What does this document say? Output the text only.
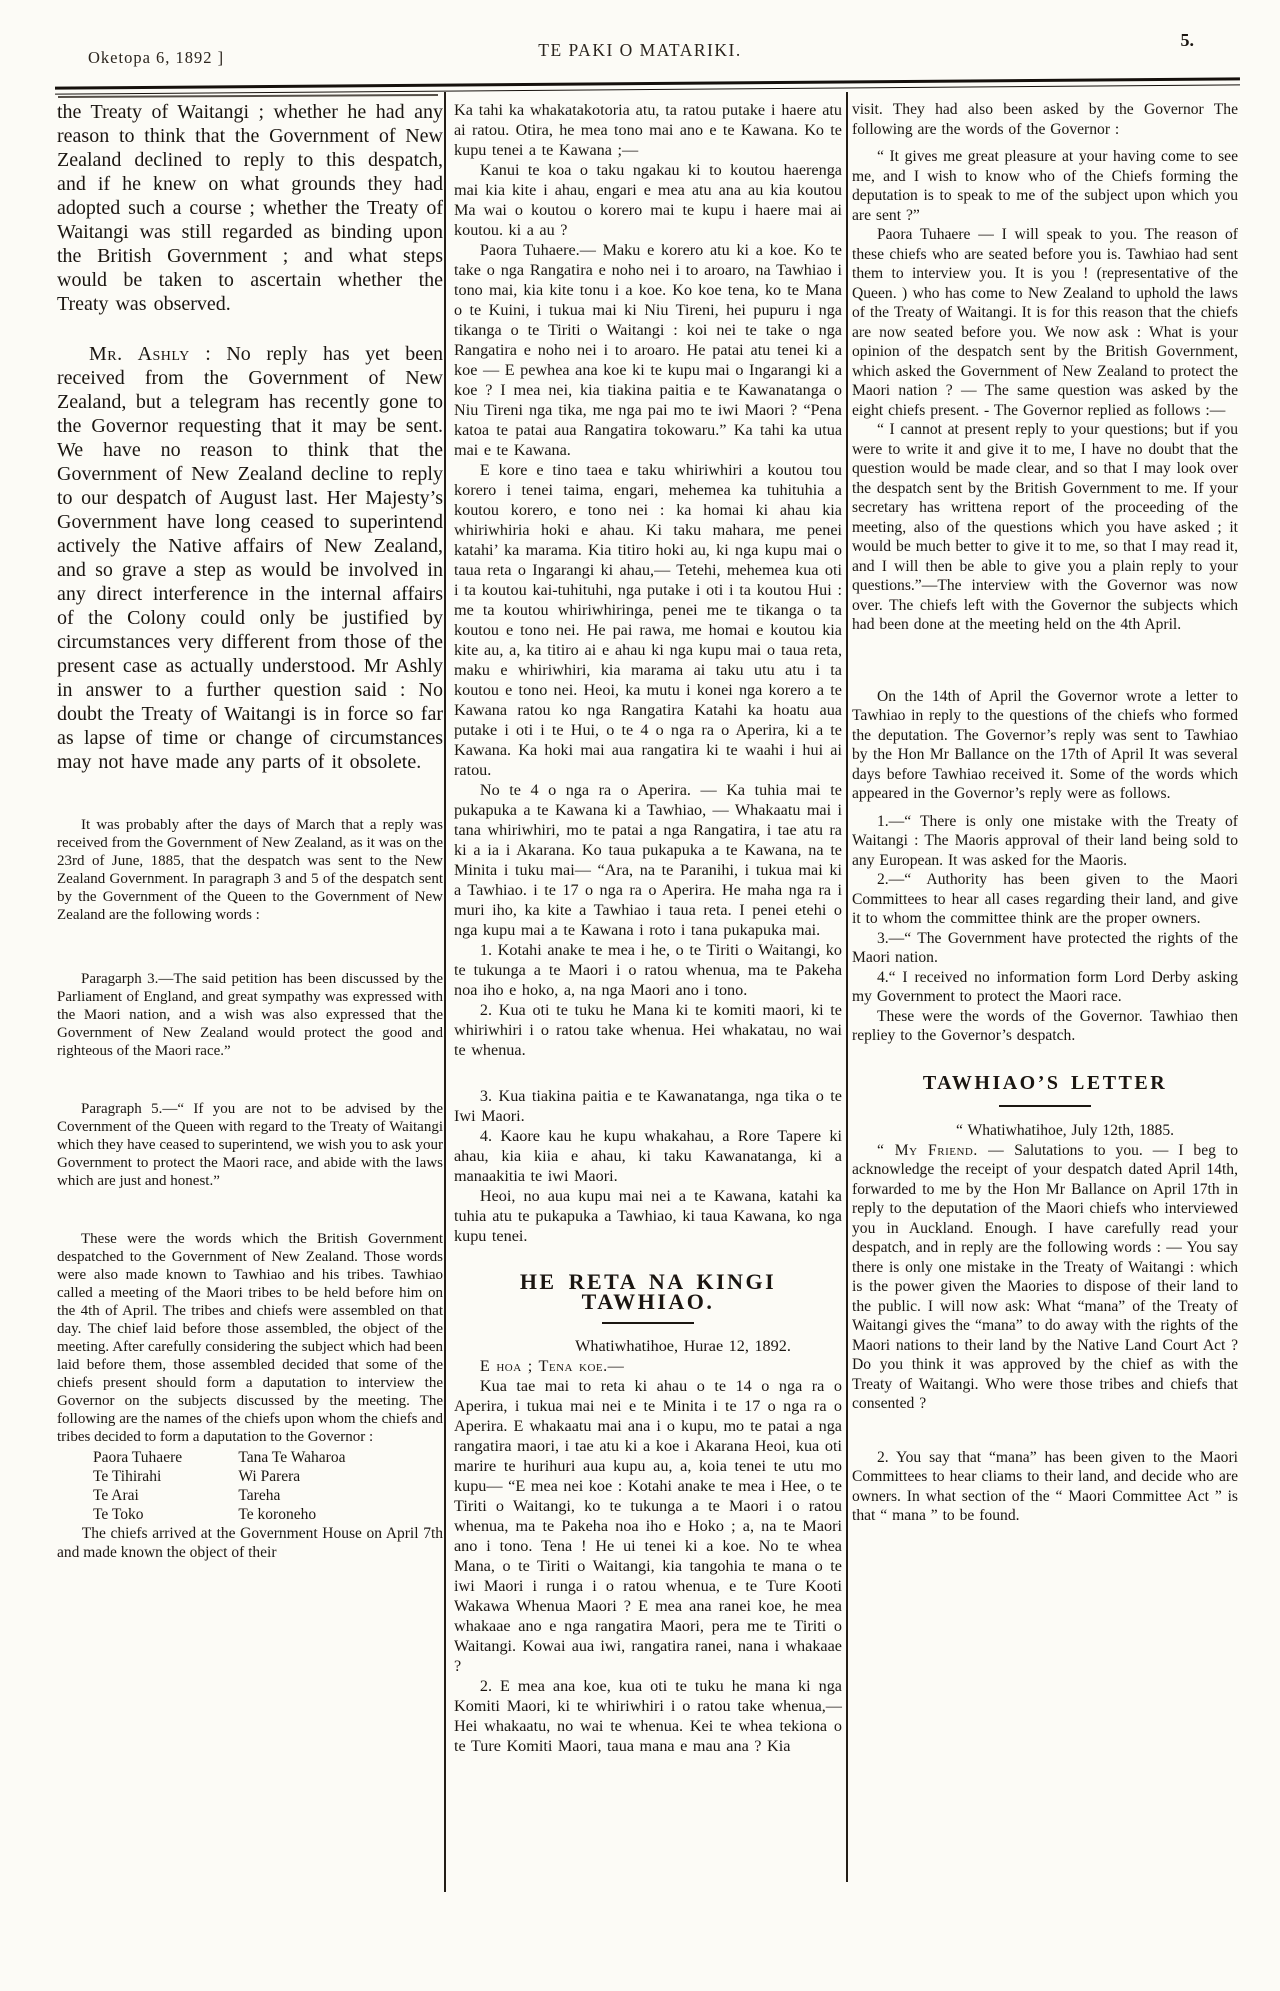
Oketopa 6, 1892 ]	TE PAKI O MATARIKI.	5.

the Treaty of Waitangi ; whether he had any reason to think that the Government of New Zealand declined to reply to this despatch, and if he knew on what grounds they had adopted such a course ; whether the Treaty of Waitangi was still regarded as binding upon the British Government ; and what steps would be taken to ascertain whether the Treaty was observed.

Mr. Ashly : No reply has yet been received from the Government of New Zealand, but a telegram has recently gone to the Governor requesting that it may be sent. We have no reason to think that the Government of New Zealand decline to reply to our despatch of August last. Her Majesty’s Government have long ceased to superintend actively the Native affairs of New Zealand, and so grave a step as would be involved in any direct interference in the internal affairs of the Colony could only be justified by circumstances very different from those of the present case as actually understood. Mr Ashly in answer to a further question said : No doubt the Treaty of Waitangi is in force so far as lapse of time or change of circumstances may not have made any parts of it obsolete.

It was probably after the days of March that a reply was received from the Government of New Zealand, as it was on the 23rd of June, 1885, that the despatch was sent to the New Zealand Government. In paragraph 3 and 5 of the despatch sent by the Government of the Queen to the Government of New Zealand are the following words :

Paragarph 3.—The said petition has been discussed by the Parliament of England, and great sympathy was expressed with the Maori nation, and a wish was also expressed that the Government of New Zealand would protect the good and righteous of the Maori race.”

Paragraph 5.—“ If you are not to be advised by the Covernment of the Queen with regard to the Treaty of Waitangi which they have ceased to superintend, we wish you to ask your Government to protect the Maori race, and abide with the laws which are just and honest.”

These were the words which the British Government despatched to the Government of New Zealand. Those words were also made known to Tawhiao and his tribes. Tawhiao called a meeting of the Maori tribes to be held before him on the 4th of April. The tribes and chiefs were assembled on that day. The chief laid before those assembled, the object of the meeting. After carefully considering the subject which had been laid before them, those assembled decided that some of the chiefs present should form a daputation to interview the Governor on the subjects discussed by the meeting. The following are the names of the chiefs upon whom the chiefs and tribes decided to form a daputation to the Governor :

Paora Tuhaere	Tana Te Waharoa
Te Tihirahi	Wi Parera
Te Arai	Tareha
Te Toko	Te koroneho

The chiefs arrived at the Government House on April 7th and made known the object of their

Ka tahi ka whakatakotoria atu, ta ratou putake i haere atu ai ratou. Otira, he mea tono mai ano e te Kawana. Ko te kupu tenei a te Kawana ;—

Kanui te koa o taku ngakau ki to koutou haerenga mai kia kite i ahau, engari e mea atu ana au kia koutou Ma wai o koutou o korero mai te kupu i haere mai ai koutou. ki a au ?

Paora Tuhaere.— Maku e korero atu ki a koe. Ko te take o nga Rangatira e noho nei i to aroaro, na Tawhiao i tono mai, kia kite tonu i a koe. Ko koe tena, ko te Mana o te Kuini, i tukua mai ki Niu Tireni, hei pupuru i nga tikanga o te Tiriti o Waitangi : koi nei te take o nga Rangatira e noho nei i to aroaro. He patai atu tenei ki a koe — E pewhea ana koe ki te kupu mai o Ingarangi ki a koe ? I mea nei, kia tiakina paitia e te Kawanatanga o Niu Tireni nga tika, me nga pai mo te iwi Maori ? “Pena katoa te patai aua Rangatira tokowaru.” Ka tahi ka utua mai e te Kawana.

E kore e tino taea e taku whiriwhiri a koutou tou korero i tenei taima, engari, mehemea ka tuhituhia a koutou korero, e tono nei : ka homai ki ahau kia whiriwhiria hoki e ahau. Ki taku mahara, me penei katahi’ ka marama. Kia titiro hoki au, ki nga kupu mai o taua reta o Ingarangi ki ahau,— Tetehi, mehemea kua oti i ta koutou kai-tuhituhi, nga putake i oti i ta koutou Hui : me ta koutou whiriwhiringa, penei me te tikanga o ta koutou e tono nei. He pai rawa, me homai e koutou kia kite au, a, ka titiro ai e ahau ki nga kupu mai o taua reta, maku e whiriwhiri, kia marama ai taku utu atu i ta koutou e tono nei. Heoi, ka mutu i konei nga korero a te Kawana ratou ko nga Rangatira Katahi ka hoatu aua putake i oti i te Hui, o te 4 o nga ra o Aperira, ki a te Kawana. Ka hoki mai aua rangatira ki te waahi i hui ai ratou.

No te 4 o nga ra o Aperira. — Ka tuhia mai te pukapuka a te Kawana ki a Tawhiao, — Whakaatu mai i tana whiriwhiri, mo te patai a nga Rangatira, i tae atu ra ki a ia i Akarana. Ko taua pukapuka a te Kawana, na te Minita i tuku mai— “Ara, na te Paranihi, i tukua mai ki a Tawhiao. i te 17 o nga ra o Aperira. He maha nga ra i muri iho, ka kite a Tawhiao i taua reta. I penei etehi o nga kupu mai a te Kawana i roto i tana pukapuka mai.

1. Kotahi anake te mea i he, o te Tiriti o Waitangi, ko te tukunga a te Maori i o ratou whenua, ma te Pakeha noa iho e hoko, a, na nga Maori ano i tono.

2. Kua oti te tuku he Mana ki te komiti maori, ki te whiriwhiri i o ratou take whenua. Hei whakatau, no wai te whenua.

3. Kua tiakina paitia e te Kawanatanga, nga tika o te Iwi Maori.

4. Kaore kau he kupu whakahau, a Rore Tapere ki ahau, kia kiia e ahau, ki taku Kawanatanga, ki a manaakitia te iwi Maori.

Heoi, no aua kupu mai nei a te Kawana, katahi ka tuhia atu te pukapuka a Tawhiao, ki taua Kawana, ko nga kupu tenei.

HE RETA NA KINGI TAWHIAO.

Whatiwhatihoe, Hurae 12, 1892.

E hoa ; Tena koe.—

Kua tae mai to reta ki ahau o te 14 o nga ra o Aperira, i tukua mai nei e te Minita i te 17 o nga ra o Aperira. E whakaatu mai ana i o kupu, mo te patai a nga rangatira maori, i tae atu ki a koe i Akarana Heoi, kua oti marire te hurihuri aua kupu au, a, koia tenei te utu mo kupu— “E mea nei koe : Kotahi anake te mea i Hee, o te Tiriti o Waitangi, ko te tukunga a te Maori i o ratou whenua, ma te Pakeha noa iho e Hoko ; a, na te Maori ano i tono. Tena ! He ui tenei ki a koe. No te whea Mana, o te Tiriti o Waitangi, kia tangohia te mana o te iwi Maori i runga i o ratou whenua, e te Ture Kooti Wakawa Whenua Maori ? E mea ana ranei koe, he mea whakaae ano e nga rangatira Maori, pera me te Tiriti o Waitangi. Kowai aua iwi, rangatira ranei, nana i whakaae ?

2. E mea ana koe, kua oti te tuku he mana ki nga Komiti Maori, ki te whiriwhiri i o ratou take whenua,— Hei whakaatu, no wai te whenua. Kei te whea tekiona o te Ture Komiti Maori, taua mana e mau ana ? Kia

visit. They had also been asked by the Governor The following are the words of the Governor :

“ It gives me great pleasure at your having come to see me, and I wish to know who of the Chiefs forming the deputation is to speak to me of the subject upon which you are sent ?”

Paora Tuhaere — I will speak to you. The reason of these chiefs who are seated before you is. Tawhiao had sent them to interview you. It is you ! (representative of the Queen. ) who has come to New Zealand to uphold the laws of the Treaty of Waitangi. It is for this reason that the chiefs are now seated before you. We now ask : What is your opinion of the despatch sent by the British Government, which asked the Government of New Zealand to protect the Maori nation ? — The same question was asked by the eight chiefs present. - The Governor replied as follows :—

“ I cannot at present reply to your questions; but if you were to write it and give it to me, I have no doubt that the question would be made clear, and so that I may look over the despatch sent by the British Government to me. If your secretary has writtena report of the proceeding of the meeting, also of the questions which you have asked ; it would be much better to give it to me, so that I may read it, and I will then be able to give you a plain reply to your questions.”—The interview with the Governor was now over. The chiefs left with the Governor the subjects which had been done at the meeting held on the 4th April.

On the 14th of April the Governor wrote a letter to Tawhiao in reply to the questions of the chiefs who formed the deputation. The Governor’s reply was sent to Tawhiao by the Hon Mr Ballance on the 17th of April It was several days before Tawhiao received it. Some of the words which appeared in the Governor’s reply were as follows.

1.—“ There is only one mistake with the Treaty of Waitangi : The Maoris approval of their land being sold to any European. It was asked for the Maoris.

2.—“ Authority has been given to the Maori Committees to hear all cases regarding their land, and give it to whom the committee think are the proper owners.

3.—“ The Government have protected the rights of the Maori nation.

4.“ I received no information form Lord Derby asking my Government to protect the Maori race.

These were the words of the Governor. Tawhiao then repliey to the Governor’s despatch.

TAWHIAO’S LETTER

“ Whatiwhatihoe, July 12th, 1885.

“ My Friend. — Salutations to you. — I beg to acknowledge the receipt of your despatch dated April 14th, forwarded to me by the Hon Mr Ballance on April 17th in reply to the deputation of the Maori chiefs who interviewed you in Auckland. Enough. I have carefully read your despatch, and in reply are the following words : — You say there is only one mistake in the Treaty of Waitangi : which is the power given the Maories to dispose of their land to the public. I will now ask: What “mana” of the Treaty of Waitangi gives the “mana” to do away with the rights of the Maori nations to their land by the Native Land Court Act ? Do you think it was approved by the chief as with the Treaty of Waitangi. Who were those tribes and chiefs that consented ?

2. You say that “mana” has been given to the Maori Committees to hear cliams to their land, and decide who are owners. In what section of the “ Maori Committee Act ” is that “ mana ” to be found.
